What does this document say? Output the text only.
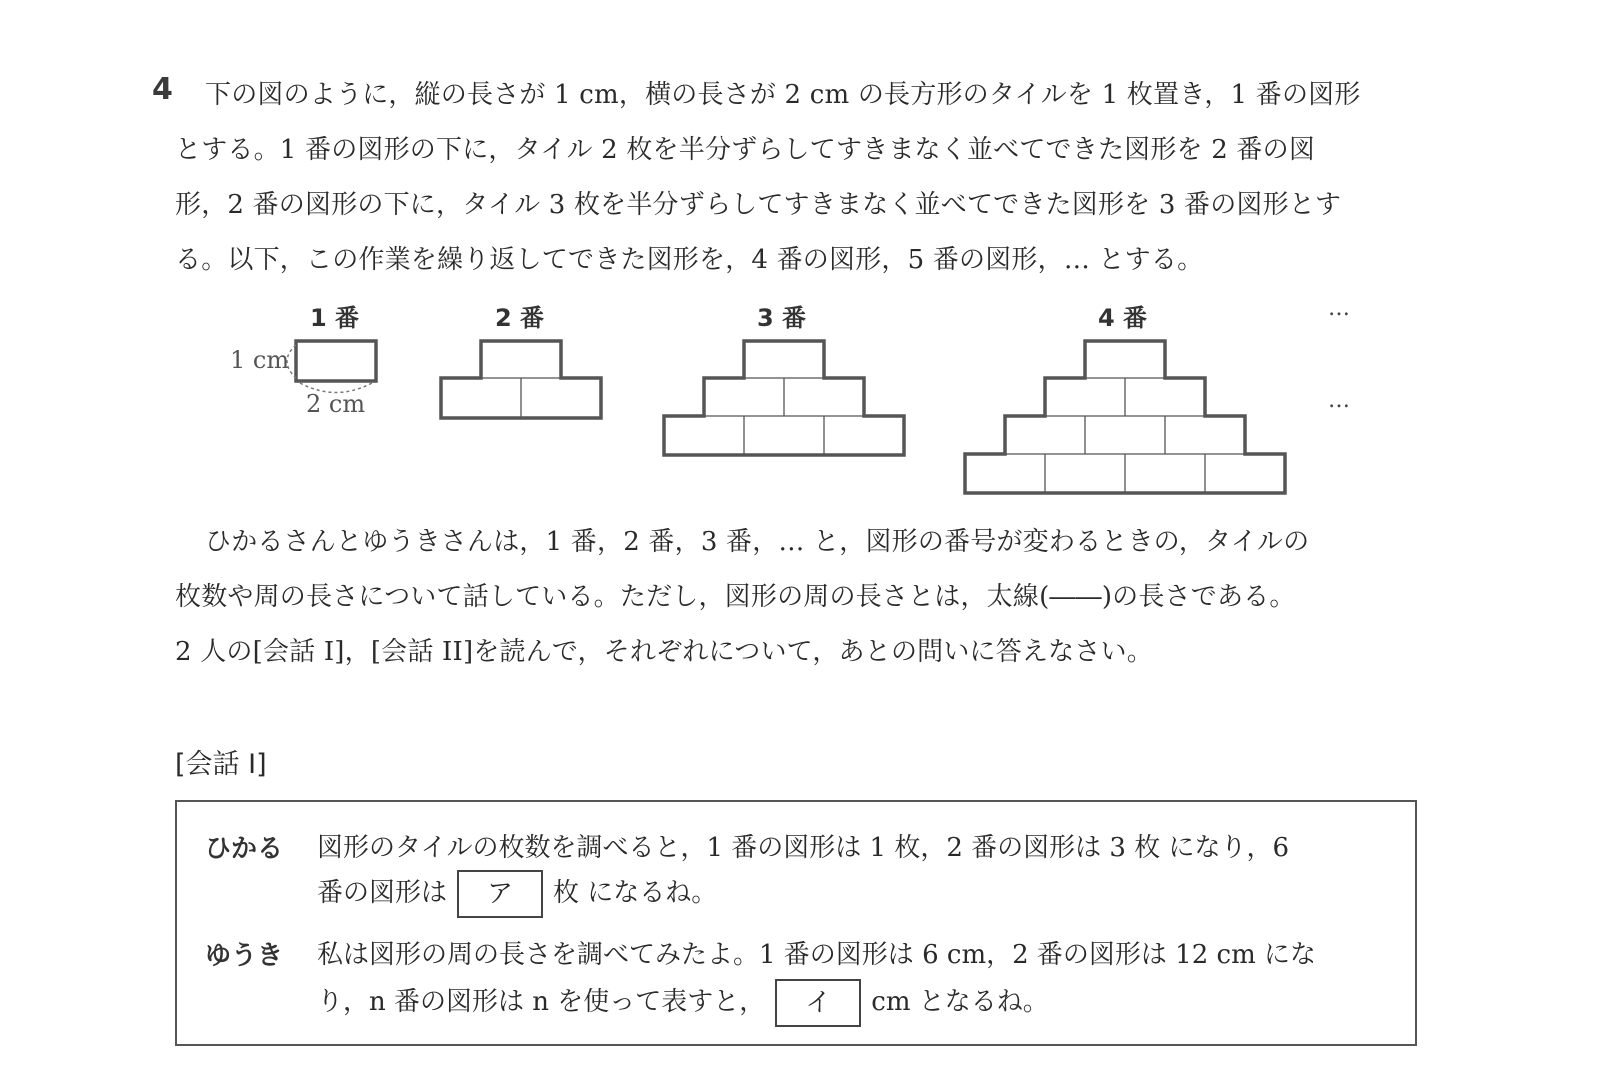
4 下の図のように，縦の長さが 1 cm，横の長さが 2 cm の長方形のタイルを 1 枚置き，1 番の図形
とする。1 番の図形の下に，タイル 2 枚を半分ずらしてすきまなく並べてできた図形を 2 番の図
形，2 番の図形の下に，タイル 3 枚を半分ずらしてすきまなく並べてできた図形を 3 番の図形とす
る。以下，この作業を繰り返してできた図形を，4 番の図形，5 番の図形，… とする。
1 番	2 番	3 番	4 番	…
…
1 cm
2 cm
ひかるさんとゆうきさんは，1 番，2 番，3 番，… と，図形の番号が変わるときの，タイルの
枚数や周の長さについて話している。ただし，図形の周の長さとは，太線(――)の長さである。
2 人の[会話 I]，[会話 II]を読んで，それぞれについて，あとの問いに答えなさい。
[会話 I]
ひかる 図形のタイルの枚数を調べると，1 番の図形は 1 枚，2 番の図形は 3 枚 になり，6
番の図形は ア 枚 になるね。
ゆうき 私は図形の周の長さを調べてみたよ。1 番の図形は 6 cm，2 番の図形は 12 cm にな
り，n 番の図形は n を使って表すと， イ cm となるね。
